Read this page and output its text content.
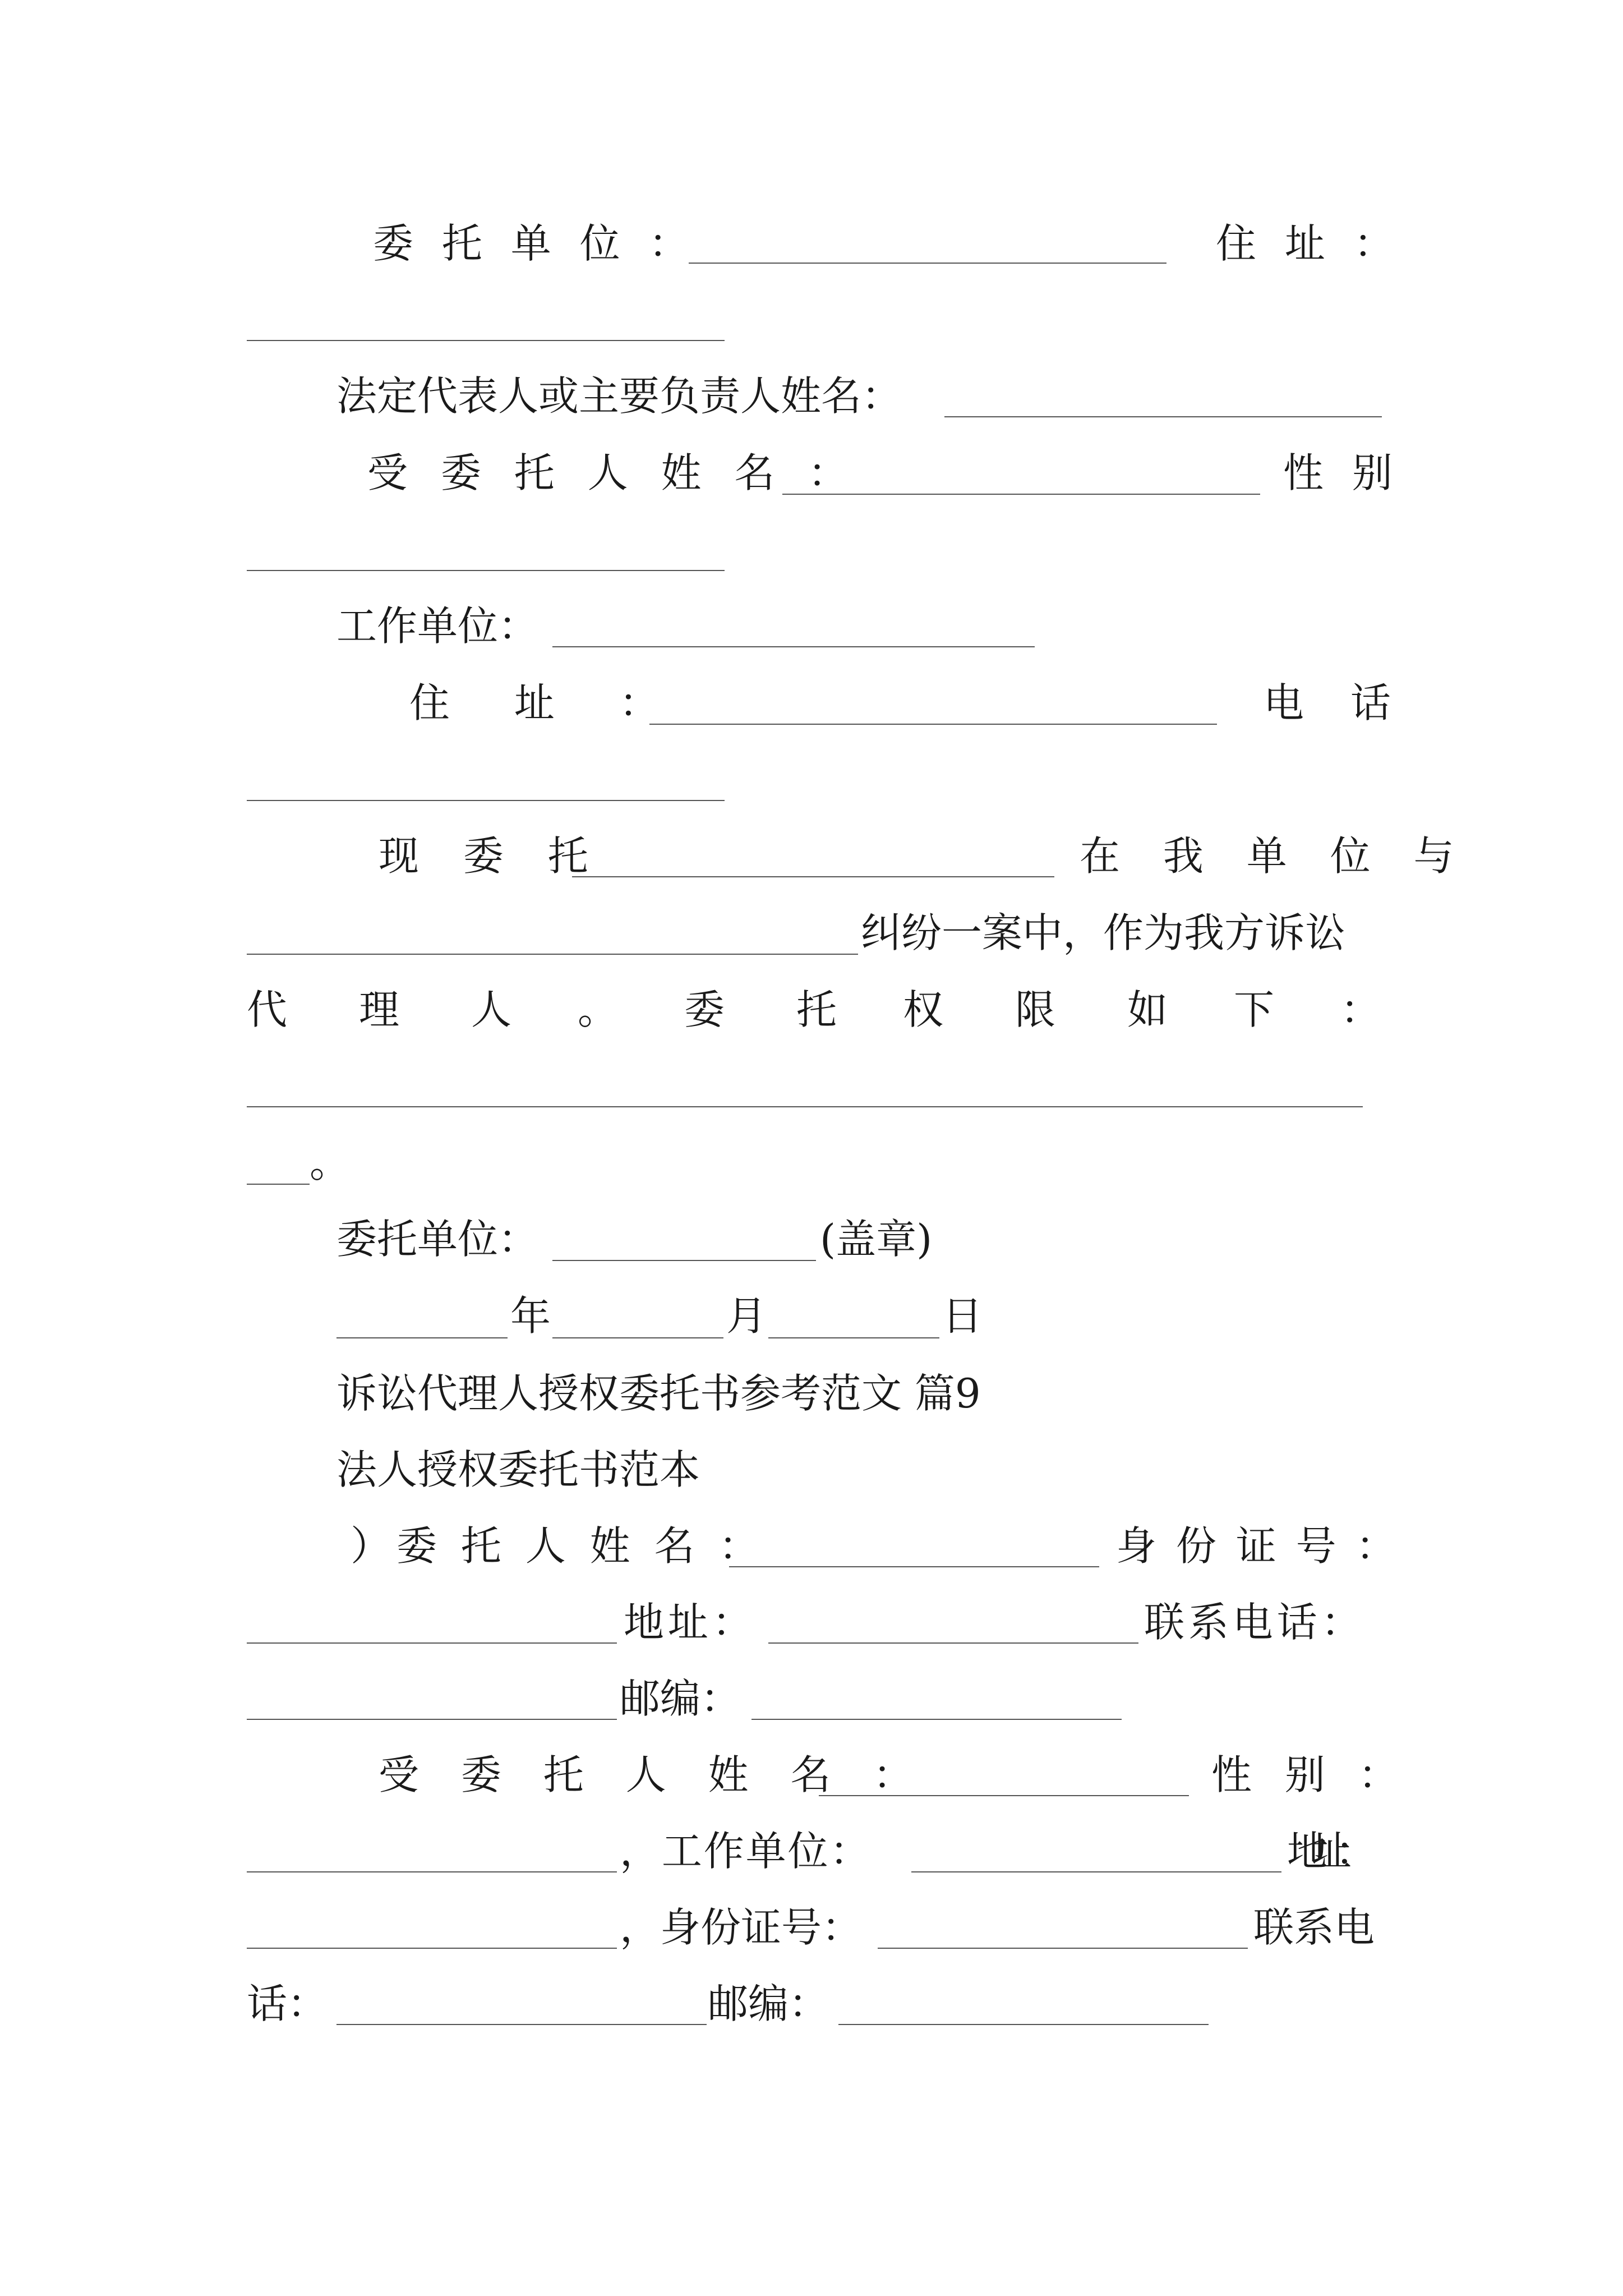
委 托 单 位 ：	住 址 ：
法定代表人或主要负责人姓名：
受 委 托 人 姓 名 ：	性 别
工作单位：
住 址 ：	电 话
现 委 托	在 我 单 位 与
纠纷一案中，作为我方诉讼
代 理 人 。 委 托 权 限 如 下 ：
。
委托单位：	(盖章)
年	月	日
诉讼代理人授权委托书参考范文 篇9
法人授权委托书范本
）委 托 人 姓 名 ：	身 份 证 号 ：
地 址 ：	联 系 电 话 ：
邮编：
受 委 托 人 姓 名 ：	性 别 ：
， 工 作 单 位 ：	地 址 ：
，身份证号：	联系电
话：	邮编：
